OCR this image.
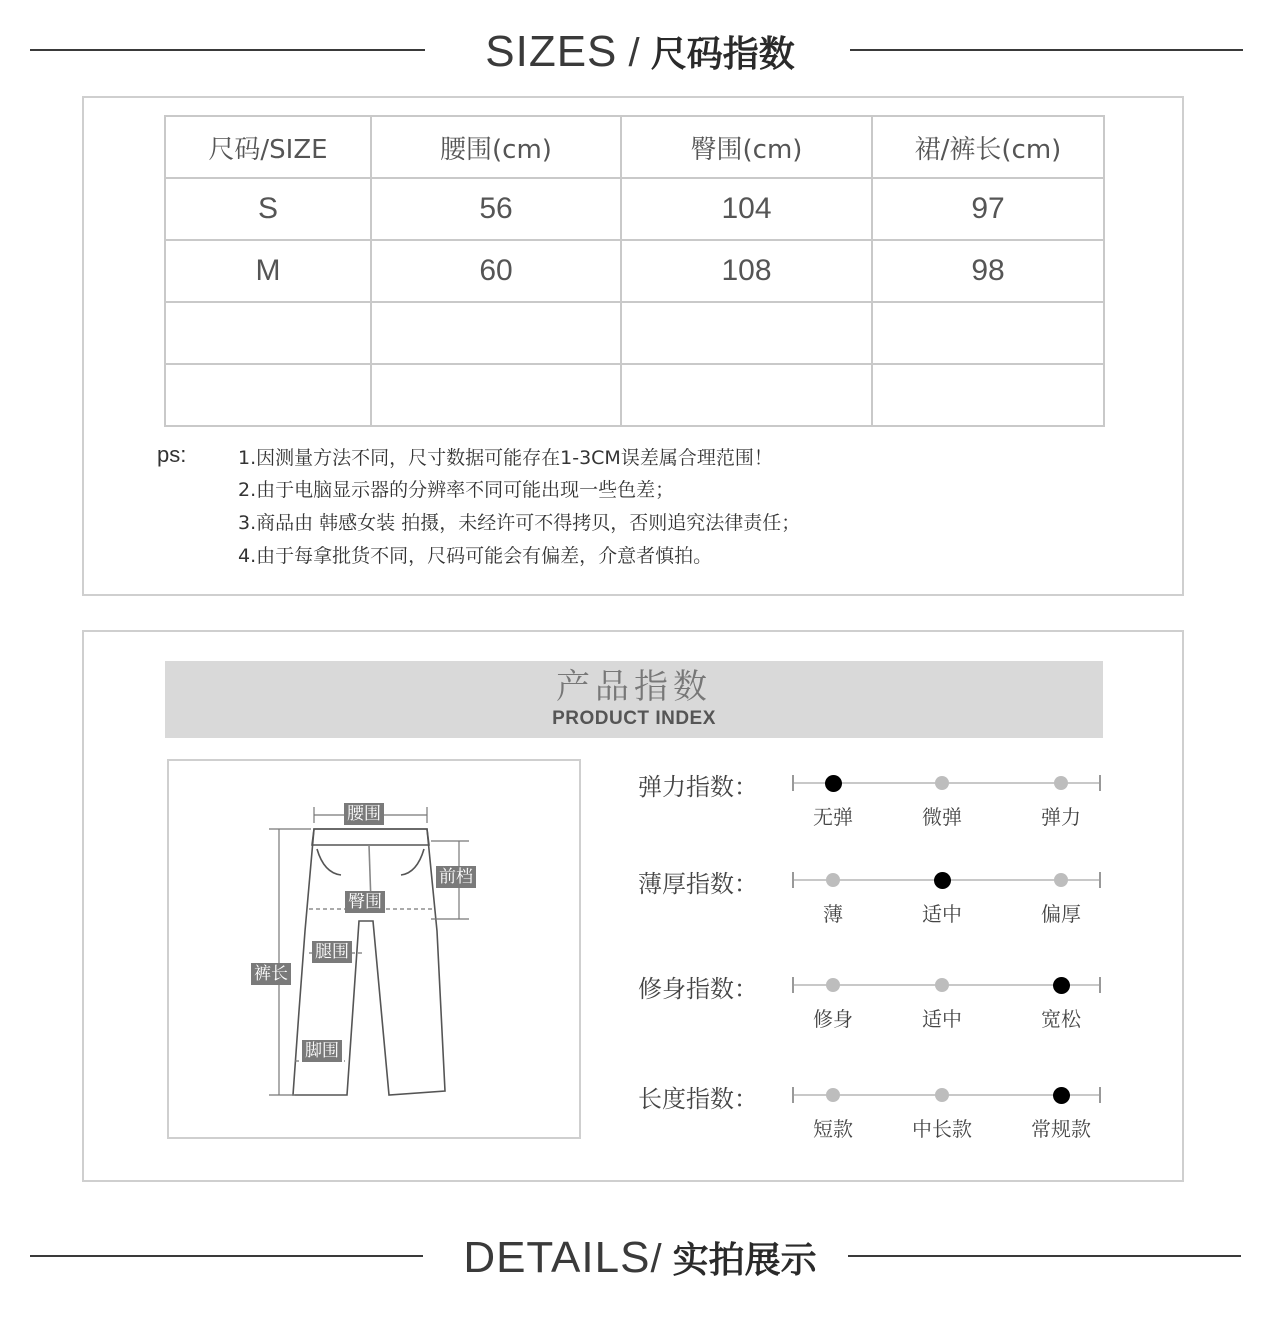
SIZES / 尺码指数
尺码/SIZE	腰围(cm)	臀围(cm)	裙/裤长(cm)
S	56	104	97
M	60	108	98

ps:	1.因测量方法不同，尺寸数据可能存在1-3CM误差属合理范围！
2.由于电脑显示器的分辨率不同可能出现一些色差；
3.商品由 韩感女装 拍摄，未经许可不得拷贝，否则追究法律责任；
4.由于每拿批货不同，尺码可能会有偏差，介意者慎拍。
产品指数
PRODUCT INDEX
腰围
前档
臀围
腿围
裤长
脚围
弹力指数：
无弹	微弹	弹力
薄厚指数：
薄	适中	偏厚
修身指数：
修身	适中	宽松
长度指数：
短款	中长款	常规款
DETAILS/ 实拍展示
